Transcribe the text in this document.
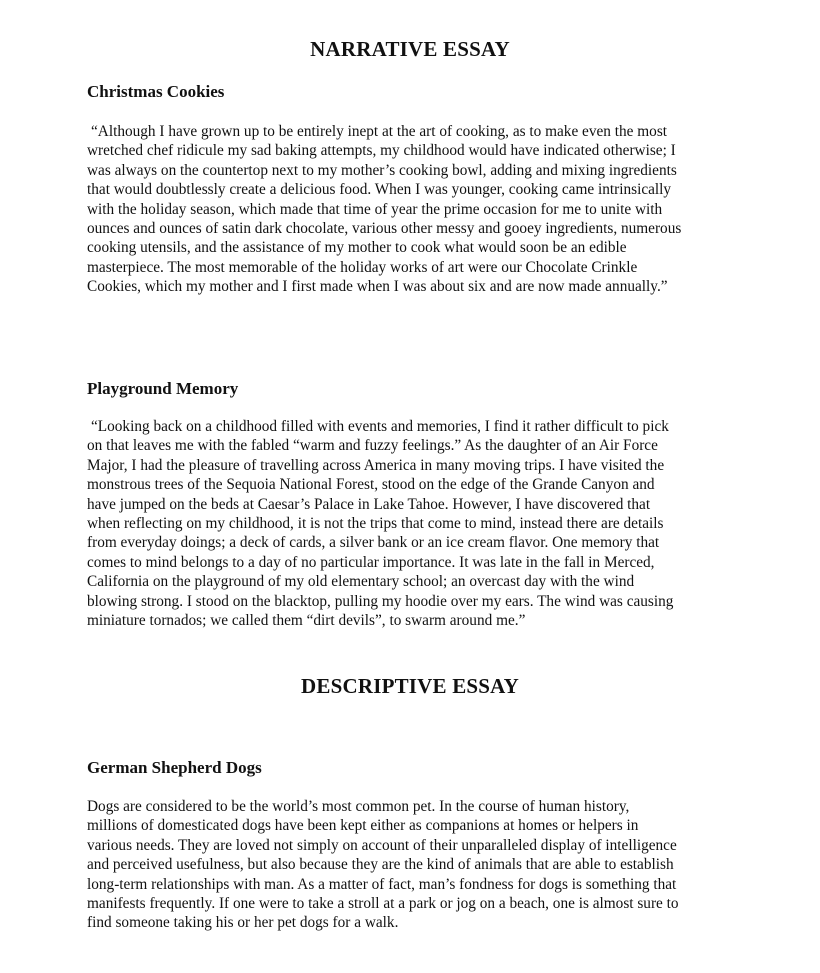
NARRATIVE ESSAY
Christmas Cookies
“Although I have grown up to be entirely inept at the art of cooking, as to make even the most
wretched chef ridicule my sad baking attempts, my childhood would have indicated otherwise; I
was always on the countertop next to my mother’s cooking bowl, adding and mixing ingredients
that would doubtlessly create a delicious food. When I was younger, cooking came intrinsically
with the holiday season, which made that time of year the prime occasion for me to unite with
ounces and ounces of satin dark chocolate, various other messy and gooey ingredients, numerous
cooking utensils, and the assistance of my mother to cook what would soon be an edible
masterpiece. The most memorable of the holiday works of art were our Chocolate Crinkle
Cookies, which my mother and I first made when I was about six and are now made annually.”
Playground Memory
“Looking back on a childhood filled with events and memories, I find it rather difficult to pick
on that leaves me with the fabled “warm and fuzzy feelings.” As the daughter of an Air Force
Major, I had the pleasure of travelling across America in many moving trips. I have visited the
monstrous trees of the Sequoia National Forest, stood on the edge of the Grande Canyon and
have jumped on the beds at Caesar’s Palace in Lake Tahoe. However, I have discovered that
when reflecting on my childhood, it is not the trips that come to mind, instead there are details
from everyday doings; a deck of cards, a silver bank or an ice cream flavor. One memory that
comes to mind belongs to a day of no particular importance. It was late in the fall in Merced,
California on the playground of my old elementary school; an overcast day with the wind
blowing strong. I stood on the blacktop, pulling my hoodie over my ears. The wind was causing
miniature tornados; we called them “dirt devils”, to swarm around me.”
DESCRIPTIVE ESSAY
German Shepherd Dogs
Dogs are considered to be the world’s most common pet. In the course of human history,
millions of domesticated dogs have been kept either as companions at homes or helpers in
various needs. They are loved not simply on account of their unparalleled display of intelligence
and perceived usefulness, but also because they are the kind of animals that are able to establish
long-term relationships with man. As a matter of fact, man’s fondness for dogs is something that
manifests frequently. If one were to take a stroll at a park or jog on a beach, one is almost sure to
find someone taking his or her pet dogs for a walk.
